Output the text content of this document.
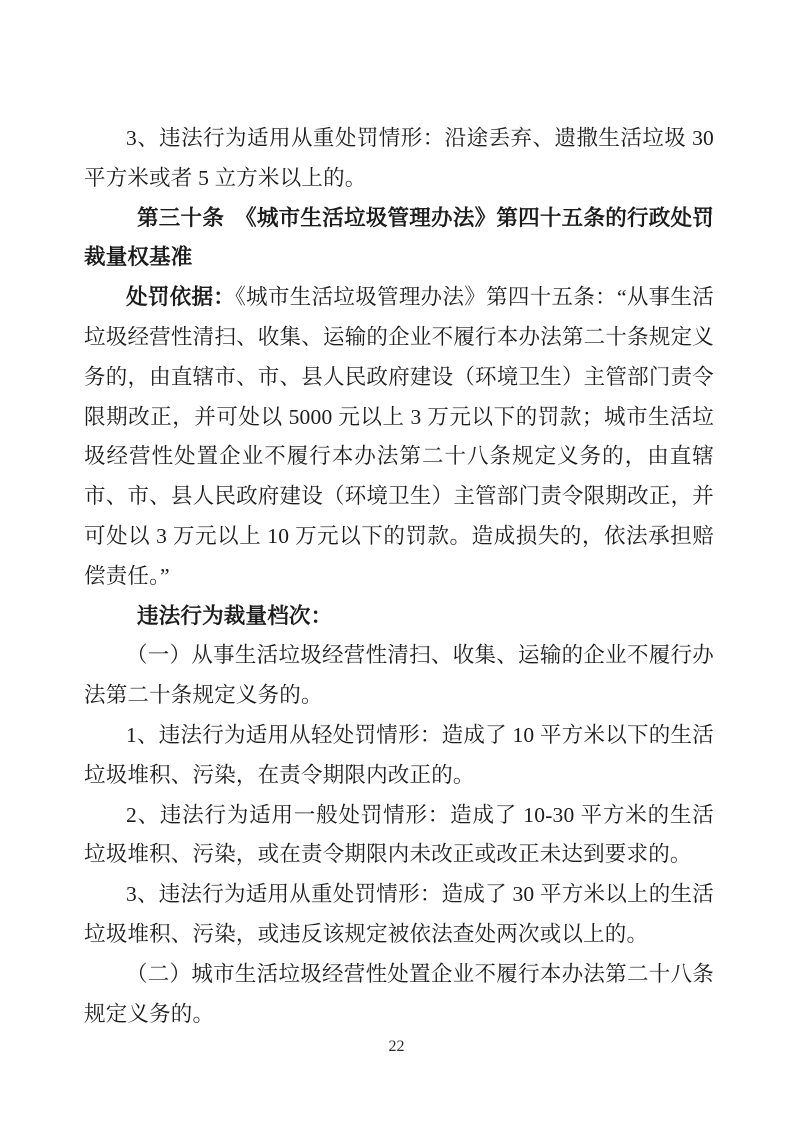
3、违法行为适用从重处罚情形：沿途丢弃、遗撒生活垃圾 30 平方米或者 5 立方米以上的。

第三十条　《城市生活垃圾管理办法》第四十五条的行政处罚裁量权基准

处罚依据：《城市生活垃圾管理办法》第四十五条：“从事生活垃圾经营性清扫、收集、运输的企业不履行本办法第二十条规定义务的，由直辖市、市、县人民政府建设（环境卫生）主管部门责令限期改正，并可处以 5000 元以上 3 万元以下的罚款；城市生活垃圾经营性处置企业不履行本办法第二十八条规定义务的，由直辖市、市、县人民政府建设（环境卫生）主管部门责令限期改正，并可处以 3 万元以上 10 万元以下的罚款。造成损失的，依法承担赔偿责任。”

违法行为裁量档次：

（一）从事生活垃圾经营性清扫、收集、运输的企业不履行办法第二十条规定义务的。

1、违法行为适用从轻处罚情形：造成了 10 平方米以下的生活垃圾堆积、污染，在责令期限内改正的。

2、违法行为适用一般处罚情形：造成了 10-30 平方米的生活垃圾堆积、污染，或在责令期限内未改正或改正未达到要求的。

3、违法行为适用从重处罚情形：造成了 30 平方米以上的生活垃圾堆积、污染，或违反该规定被依法查处两次或以上的。

（二）城市生活垃圾经营性处置企业不履行本办法第二十八条规定义务的。

22
